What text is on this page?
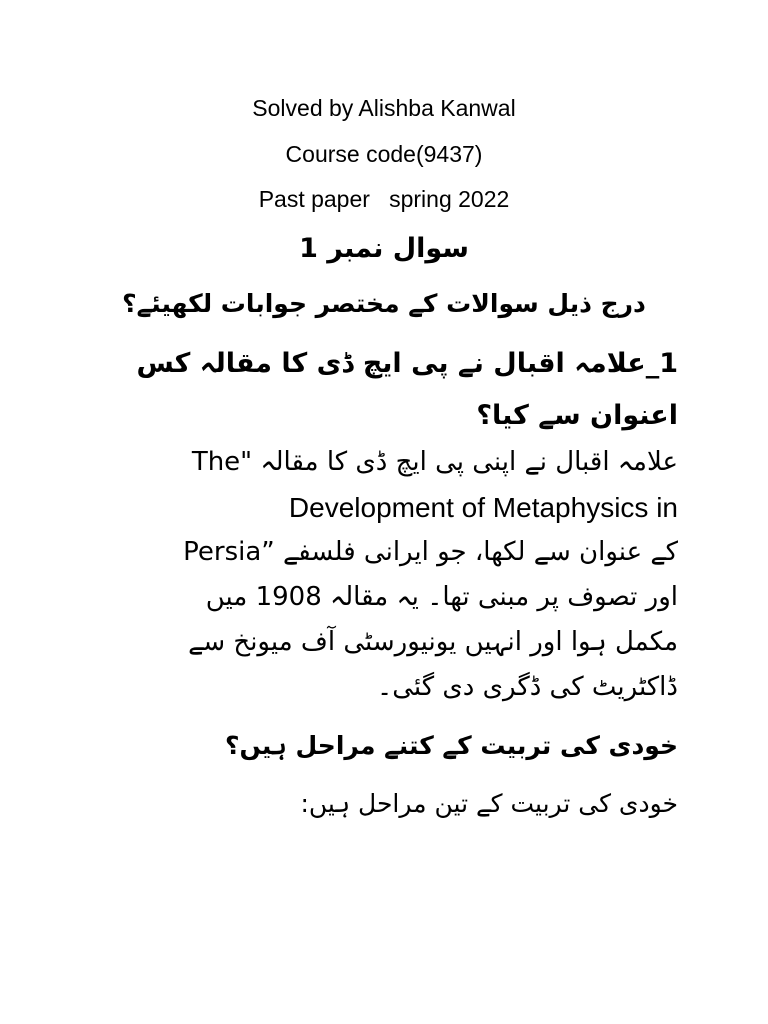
Solved by Alishba Kanwal
Course code(9437)
Past paper   spring 2022
سوال نمبر 1
درج ذیل سوالات کے مختصر جوابات لکھیئے؟
1_علامہ اقبال نے پی ایچ ڈی کا مقالہ کس اعنوان سے کیا؟
علامہ اقبال نے اپنی پی ایچ ڈی کا مقالہ "The
Development of Metaphysics in
Persia” کے عنوان سے لکھا، جو ایرانی فلسفے
اور تصوف پر مبنی تھا۔ یہ مقالہ 1908 میں
مکمل ہوا اور انہیں یونیورسٹی آف میونخ سے
ڈاکٹریٹ کی ڈگری دی گئی۔
خودی کی تربیت کے کتنے مراحل ہیں؟
خودی کی تربیت کے تین مراحل ہیں:
